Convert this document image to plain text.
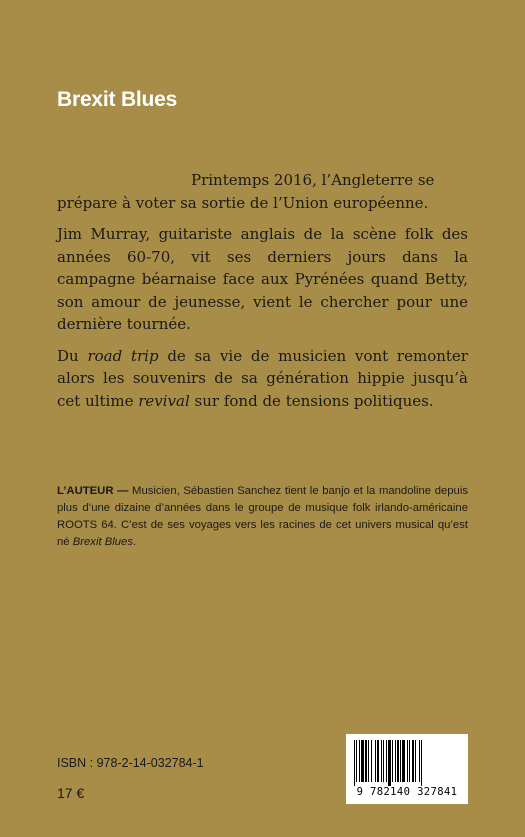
Brexit Blues

Printemps 2016, l’Angleterre se prépare à voter sa sortie de l’Union européenne.

Jim Murray, guitariste anglais de la scène folk des années 60-70, vit ses derniers jours dans la campagne béarnaise face aux Pyrénées quand Betty, son amour de jeunesse, vient le chercher pour une dernière tournée.

Du road trip de sa vie de musicien vont remonter alors les souvenirs de sa génération hippie jusqu’à cet ultime revival sur fond de tensions politiques.

L’AUTEUR — Musicien, Sébastien Sanchez tient le banjo et la mandoline depuis plus d’une dizaine d’années dans le groupe de musique folk irlando-américaine ROOTS 64. C’est de ses voyages vers les racines de cet univers musical qu’est né Brexit Blues.
ISBN : 978-2-14-032784-1
17 €	9 782140 327841
